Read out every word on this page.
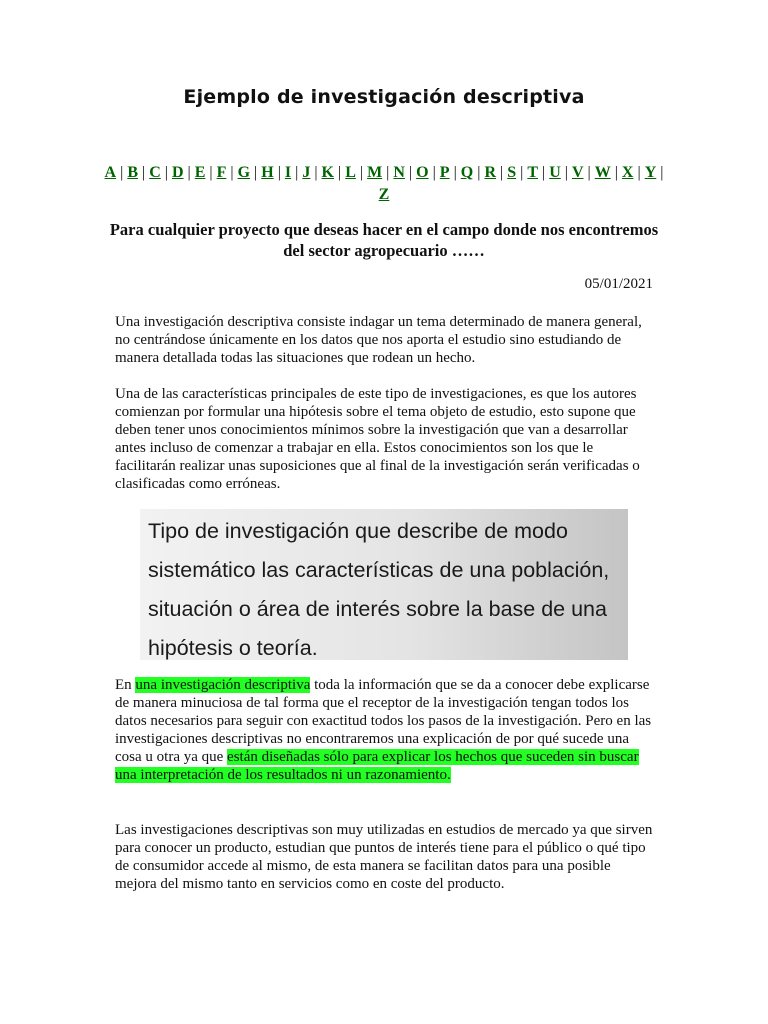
Ejemplo de investigación descriptiva
A | B | C | D | E | F | G | H | I | J | K | L | M | N | O | P | Q | R | S | T | U | V | W | X | Y | Z
Para cualquier proyecto que deseas hacer en el campo donde nos encontremos del sector agropecuario ……
05/01/2021
Una investigación descriptiva consiste indagar un tema determinado de manera general, no centrándose únicamente en los datos que nos aporta el estudio sino estudiando de manera detallada todas las situaciones que rodean un hecho.
Una de las características principales de este tipo de investigaciones, es que los autores comienzan por formular una hipótesis sobre el tema objeto de estudio, esto supone que deben tener unos conocimientos mínimos sobre la investigación que van a desarrollar antes incluso de comenzar a trabajar en ella. Estos conocimientos son los que le facilitarán realizar unas suposiciones que al final de la investigación serán verificadas o clasificadas como erróneas.
Tipo de investigación que describe de modo sistemático las características de una población, situación o área de interés sobre la base de una hipótesis o teoría.
En una investigación descriptiva toda la información que se da a conocer debe explicarse de manera minuciosa de tal forma que el receptor de la investigación tengan todos los datos necesarios para seguir con exactitud todos los pasos de la investigación. Pero en las investigaciones descriptivas no encontraremos una explicación de por qué sucede una cosa u otra ya que están diseñadas sólo para explicar los hechos que suceden sin buscar una interpretación de los resultados ni un razonamiento.
Las investigaciones descriptivas son muy utilizadas en estudios de mercado ya que sirven para conocer un producto, estudian que puntos de interés tiene para el público o qué tipo de consumidor accede al mismo, de esta manera se facilitan datos para una posible mejora del mismo tanto en servicios como en coste del producto.
